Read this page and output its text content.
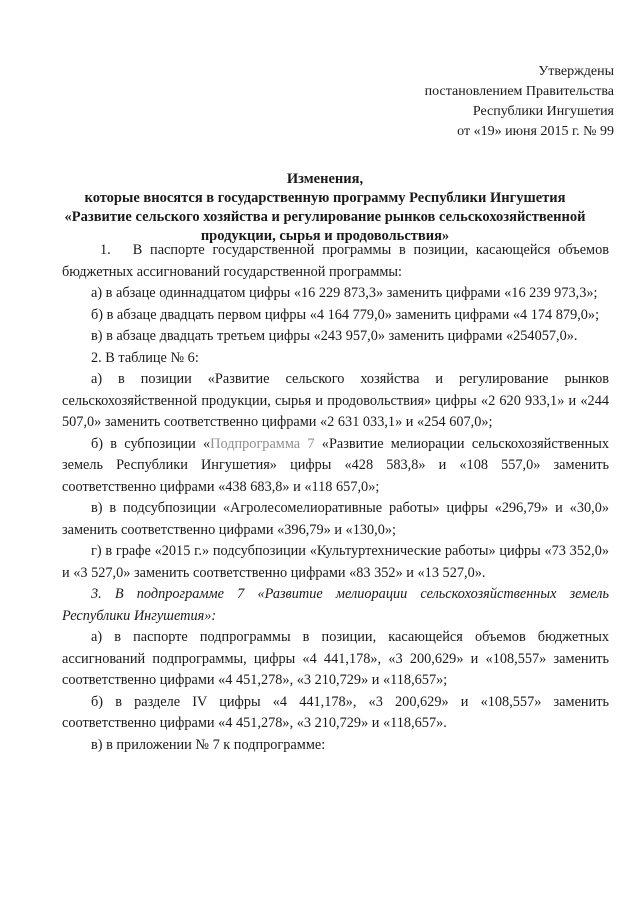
Утверждены
постановлением Правительства
Республики Ингушетия
от «19» июня 2015 г. № 99
Изменения,
которые вносятся в государственную программу Республики Ингушетия
«Развитие сельского хозяйства и регулирование рынков сельскохозяйственной
продукции, сырья и продовольствия»

1. В паспорте государственной программы в позиции, касающейся объемов бюджетных ассигнований государственной программы:

а) в абзаце одиннадцатом цифры «16 229 873,3» заменить цифрами «16 239 973,3»;

б) в абзаце двадцать первом цифры «4 164 779,0» заменить цифрами «4 174 879,0»;

в) в абзаце двадцать третьем цифры «243 957,0» заменить цифрами «254057,0».

2. В таблице № 6:

а) в позиции «Развитие сельского хозяйства и регулирование рынков сельскохозяйственной продукции, сырья и продовольствия» цифры «2 620 933,1» и «244 507,0» заменить соответственно цифрами «2 631 033,1» и «254 607,0»;

б) в субпозиции «Подпрограмма 7 «Развитие мелиорации сельскохозяйственных земель Республики Ингушетия» цифры «428 583,8» и «108 557,0» заменить соответственно цифрами «438 683,8» и «118 657,0»;

в) в подсубпозиции «Агролесомелиоративные работы» цифры «296,79» и «30,0» заменить соответственно цифрами «396,79» и «130,0»;

г) в графе «2015 г.» подсубпозиции «Культуртехнические работы» цифры «73 352,0» и «3 527,0» заменить соответственно цифрами «83 352» и «13 527,0».

3. В подпрограмме 7 «Развитие мелиорации сельскохозяйственных земель Республики Ингушетия»:

а) в паспорте подпрограммы в позиции, касающейся объемов бюджетных ассигнований подпрограммы, цифры «4 441,178», «3 200,629» и «108,557» заменить соответственно цифрами «4 451,278», «3 210,729» и «118,657»;

б) в разделе IV цифры «4 441,178», «3 200,629» и «108,557» заменить соответственно цифрами «4 451,278», «3 210,729» и «118,657».

в) в приложении № 7 к подпрограмме:
